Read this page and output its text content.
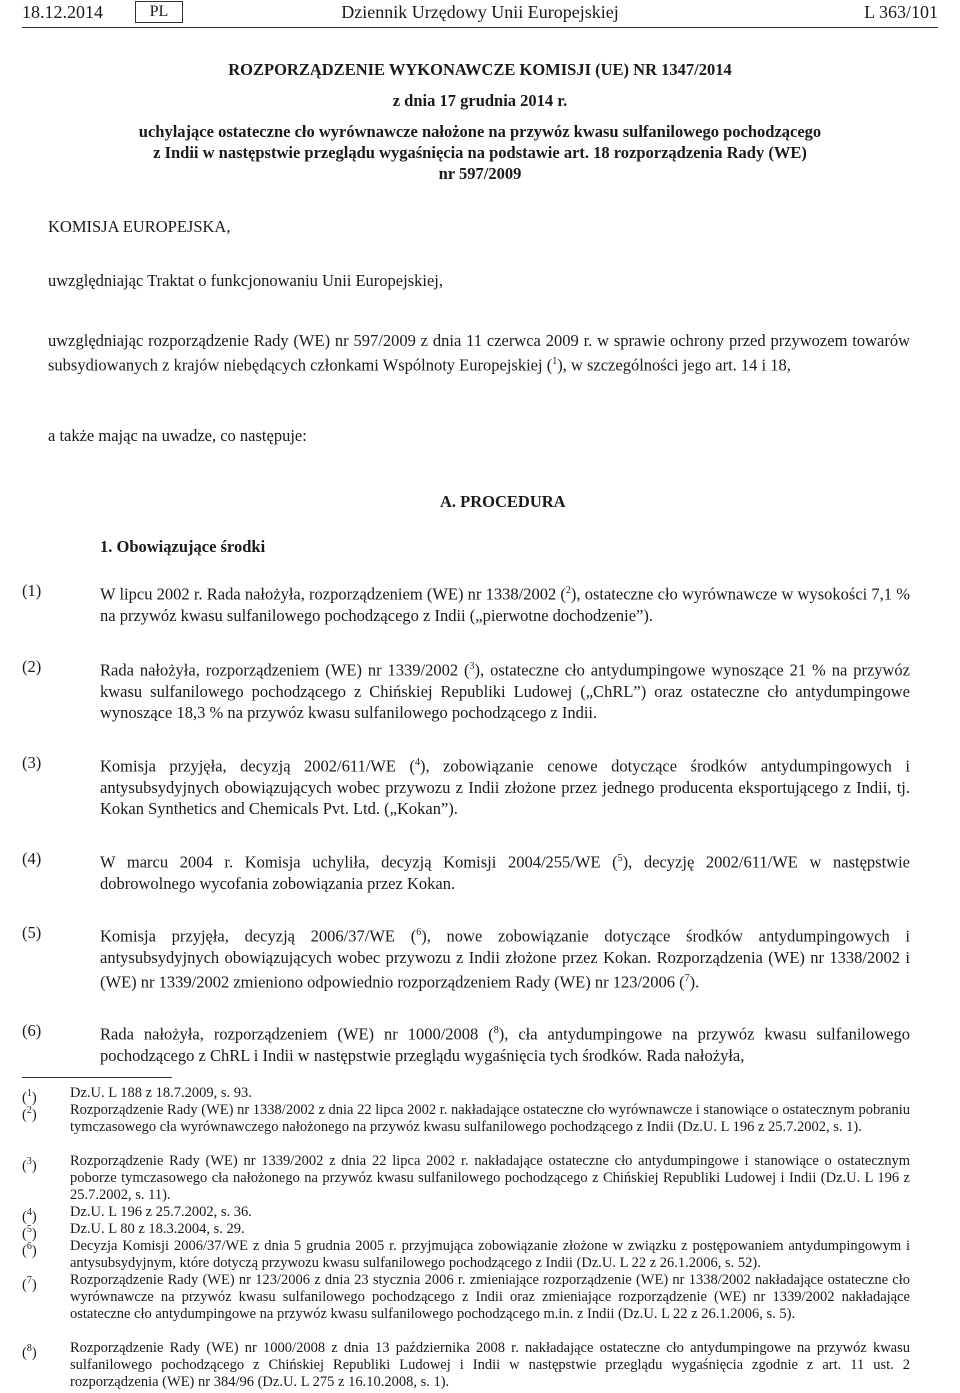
18.12.2014	PL	Dziennik Urzędowy Unii Europejskiej	L 363/101
ROZPORZĄDZENIE WYKONAWCZE KOMISJI (UE) NR 1347/2014
z dnia 17 grudnia 2014 r.
uchylające ostateczne cło wyrównawcze nałożone na przywóz kwasu sulfanilowego pochodzącego
z Indii w następstwie przeglądu wygaśnięcia na podstawie art. 18 rozporządzenia Rady (WE)
nr 597/2009
KOMISJA EUROPEJSKA,
uwzględniając Traktat o funkcjonowaniu Unii Europejskiej,
uwzględniając rozporządzenie Rady (WE) nr 597/2009 z dnia 11 czerwca 2009 r. w sprawie ochrony przed przywozem towarów subsydiowanych z krajów niebędących członkami Wspólnoty Europejskiej ($^1$), w szczególności jego art. 14 i 18,
a także mając na uwadze, co następuje:
A. PROCEDURA
1. Obowiązujące środki
(1)	W lipcu 2002 r. Rada nałożyła, rozporządzeniem (WE) nr 1338/2002 ($^2$), ostateczne cło wyrównawcze w wysokości 7,1 % na przywóz kwasu sulfanilowego pochodzącego z Indii („pierwotne dochodzenie”).
(2)	Rada nałożyła, rozporządzeniem (WE) nr 1339/2002 ($^3$), ostateczne cło antydumpingowe wynoszące 21 % na przywóz kwasu sulfanilowego pochodzącego z Chińskiej Republiki Ludowej („ChRL”) oraz ostateczne cło antydumpingowe wynoszące 18,3 % na przywóz kwasu sulfanilowego pochodzącego z Indii.
(3)	Komisja przyjęła, decyzją 2002/611/WE ($^4$), zobowiązanie cenowe dotyczące środków antydumpingowych i antysubsydyjnych obowiązujących wobec przywozu z Indii złożone przez jednego producenta eksportującego z Indii, tj. Kokan Synthetics and Chemicals Pvt. Ltd. („Kokan”).
(4)	W marcu 2004 r. Komisja uchyliła, decyzją Komisji 2004/255/WE ($^5$), decyzję 2002/611/WE w następstwie dobrowolnego wycofania zobowiązania przez Kokan.
(5)	Komisja przyjęła, decyzją 2006/37/WE ($^6$), nowe zobowiązanie dotyczące środków antydumpingowych i antysubsydyjnych obowiązujących wobec przywozu z Indii złożone przez Kokan. Rozporządzenia (WE) nr 1338/2002 i (WE) nr 1339/2002 zmieniono odpowiednio rozporządzeniem Rady (WE) nr 123/2006 ($^7$).
(6)	Rada nałożyła, rozporządzeniem (WE) nr 1000/2008 ($^8$), cła antydumpingowe na przywóz kwasu sulfanilowego pochodzącego z ChRL i Indii w następstwie przeglądu wygaśnięcia tych środków. Rada nałożyła,
($^1$) Dz.U. L 188 z 18.7.2009, s. 93.
($^2$) Rozporządzenie Rady (WE) nr 1338/2002 z dnia 22 lipca 2002 r. nakładające ostateczne cło wyrównawcze i stanowiące o ostatecznym pobraniu tymczasowego cła wyrównawczego nałożonego na przywóz kwasu sulfanilowego pochodzącego z Indii (Dz.U. L 196 z 25.7.2002, s. 1).
($^3$) Rozporządzenie Rady (WE) nr 1339/2002 z dnia 22 lipca 2002 r. nakładające ostateczne cło antydumpingowe i stanowiące o ostatecznym poborze tymczasowego cła nałożonego na przywóz kwasu sulfanilowego pochodzącego z Chińskiej Republiki Ludowej i Indii (Dz.U. L 196 z 25.7.2002, s. 11).
($^4$) Dz.U. L 196 z 25.7.2002, s. 36.
($^5$) Dz.U. L 80 z 18.3.2004, s. 29.
($^6$) Decyzja Komisji 2006/37/WE z dnia 5 grudnia 2005 r. przyjmująca zobowiązanie złożone w związku z postępowaniem antydumpingowym i antysubsydyjnym, które dotyczą przywozu kwasu sulfanilowego pochodzącego z Indii (Dz.U. L 22 z 26.1.2006, s. 52).
($^7$) Rozporządzenie Rady (WE) nr 123/2006 z dnia 23 stycznia 2006 r. zmieniające rozporządzenie (WE) nr 1338/2002 nakładające ostateczne cło wyrównawcze na przywóz kwasu sulfanilowego pochodzącego z Indii oraz zmieniające rozporządzenie (WE) nr 1339/2002 nakładające ostateczne cło antydumpingowe na przywóz kwasu sulfanilowego pochodzącego m.in. z Indii (Dz.U. L 22 z 26.1.2006, s. 5).
($^8$) Rozporządzenie Rady (WE) nr 1000/2008 z dnia 13 października 2008 r. nakładające ostateczne cło antydumpingowe na przywóz kwasu sulfanilowego pochodzącego z Chińskiej Republiki Ludowej i Indii w następstwie przeglądu wygaśnięcia zgodnie z art. 11 ust. 2 rozporządzenia (WE) nr 384/96 (Dz.U. L 275 z 16.10.2008, s. 1).
